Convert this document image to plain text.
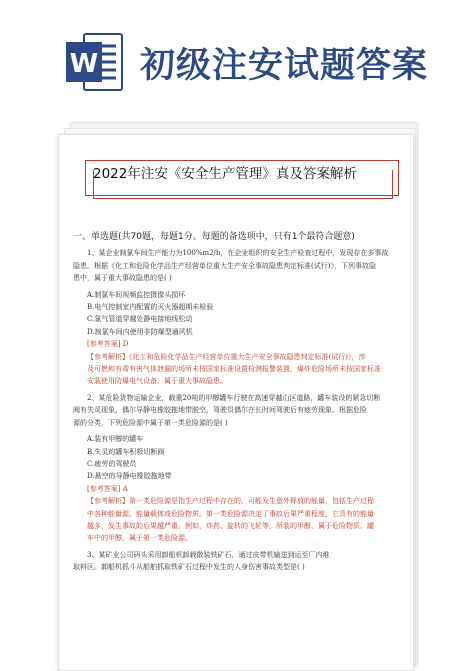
W 初级注安试题答案
2022年注安《安全生产管理》真及答案解析
一、单选题(共70题，每题1分。每题的备选项中，只有1个最符合题意)

1、某企业制氯车间生产能力为100%m2/h，在企业组织的安全生产检查过程中，发现存在多事故

隐患。根据《化工和危险化学品生产经营单位重大生产安全事故隐患判定标准(试行)》，下列事故隐

患中，属于重大事故隐患的是( )

A.制氯车间视频监控摄像头损坏

B.电气控制室内配置的灭火器超期未检验

C.氯气管道穿越处静电接地线松动

D.制氯车间内使用非防爆型通风机

[参考答案] D

【参考解析】《化工和危险化学品生产经营单位重大生产安全事故隐患判定标准(试行)》，涉
及可燃和有毒有害气体泄漏的场所未按国家标准设置检测报警装置，爆炸危险场所未按国家标准
安装使用防爆电气设备，属于重大事故隐患。

2、某危险货物运输企业，载重20吨的甲醇罐车行驶在高速穿越山区道路，罐车装设的紧急切断

阀有失灵现象，偶尔导静电橡胶拖地带脱空，驾驶员偶尔在长时间驾驶后有疲劳现象。根据危险

源的分类，下列危险源中属于第一类危险源的是( )

A.装有甲醇的罐车

B.失灵的罐车积极切断阀

C.疲劳的驾驶员

D.悬空的导静电橡胶拖地带

[参考答案] A

【参考解析】第一类危险源是指生产过程中存在的、可能发生意外释放的能量，包括生产过程
中各种能量源、能量载体或危险物质。第一类危险源决定了事故后果严重程度，它具有的能量
越多，发生事故的后果越严重。例如，炸药、旋转的飞轮等。所装的甲醇，属于危险物质、罐
车中的甲醇，属于第一类危险源。

3、某矿业公司码头采用卸船机卸载散装铁矿石，通过皮带机输送到运至厂内堆

取料区。卸船机抓斗从船舶抓取铁矿石过程中发生的人身伤害事故类型是( )
